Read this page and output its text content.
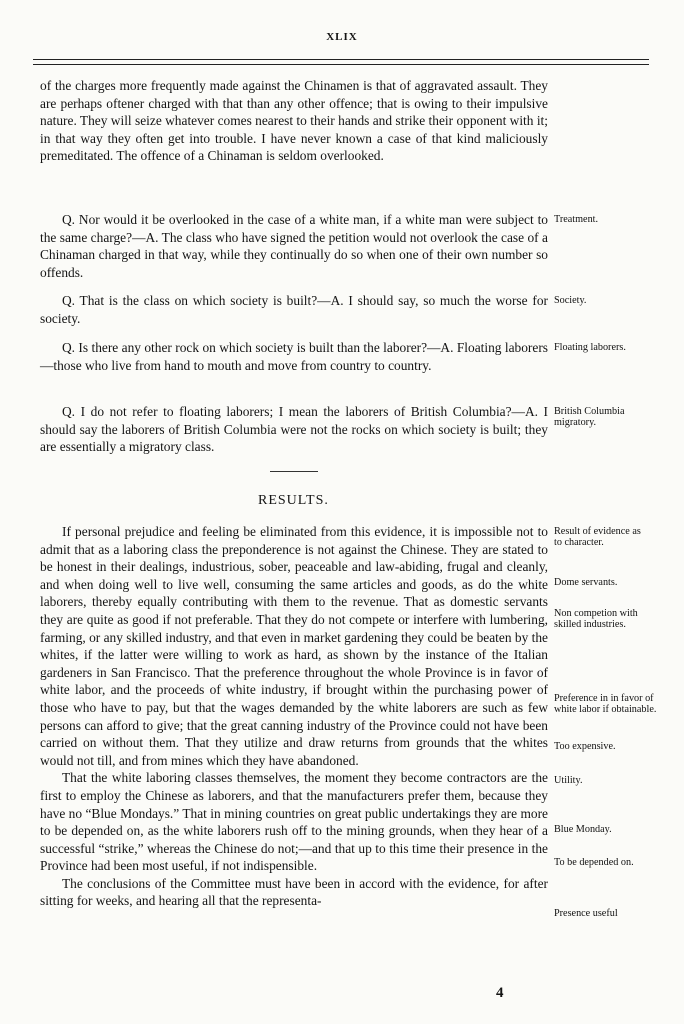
XLIX

of the charges more frequently made against the Chinamen is that of aggravated assault. They are perhaps oftener charged with that than any other offence; that is owing to their impulsive nature. They will seize whatever comes nearest to their hands and strike their opponent with it; in that way they often get into trouble. I have never known a case of that kind maliciously premeditated. The offence of a Chinaman is seldom overlooked.

Q. Nor would it be overlooked in the case of a white man, if a white man were subject to the same charge?—A. The class who have signed the petition would not overlook the case of a Chinaman charged in that way, while they continually do so when one of their own number so offends.

Q. That is the class on which society is built?—A. I should say, so much the worse for society.

Q. Is there any other rock on which society is built than the laborer?—A. Floating laborers—those who live from hand to mouth and move from country to country.

Q. I do not refer to floating laborers; I mean the laborers of British Columbia?—A. I should say the laborers of British Columbia were not the rocks on which society is built; they are essentially a migratory class.

RESULTS.

If personal prejudice and feeling be eliminated from this evidence, it is impossible not to admit that as a laboring class the preponderence is not against the Chinese. They are stated to be honest in their dealings, industrious, sober, peaceable and law-abiding, frugal and cleanly, and when doing well to live well, consuming the same articles and goods, as do the white laborers, thereby equally contributing with them to the revenue. That as domestic servants they are quite as good if not preferable. That they do not compete or interfere with lumbering, farming, or any skilled industry, and that even in market gardening they could be beaten by the whites, if the latter were willing to work as hard, as shown by the instance of the Italian gardeners in San Francisco. That the preference throughout the whole Province is in favor of white labor, and the proceeds of white industry, if brought within the purchasing power of those who have to pay, but that the wages demanded by the white laborers are such as few persons can afford to give; that the great canning industry of the Province could not have been carried on without them. That they utilize and draw returns from grounds that the whites would not till, and from mines which they have abandoned.

That the white laboring classes themselves, the moment they become contractors are the first to employ the Chinese as laborers, and that the manufacturers prefer them, because they have no “Blue Mondays.” That in mining countries on great public undertakings they are more to be depended on, as the white laborers rush off to the mining grounds, when they hear of a successful “strike,” whereas the Chinese do not;—and that up to this time their presence in the Province had been most useful, if not indispensible.

The conclusions of the Committee must have been in accord with the evidence, for after sitting for weeks, and hearing all that the representa-

Treatment.
Society.
Floating laborers.
British Columbia migratory.
Result of evidence as to character.
Dome servants.
Non competion with skilled industries.
Preference in in favor of white labor if obtainable.
Too expensive.
Utility.
Blue Monday.
To be depended on.
Presence useful
4
